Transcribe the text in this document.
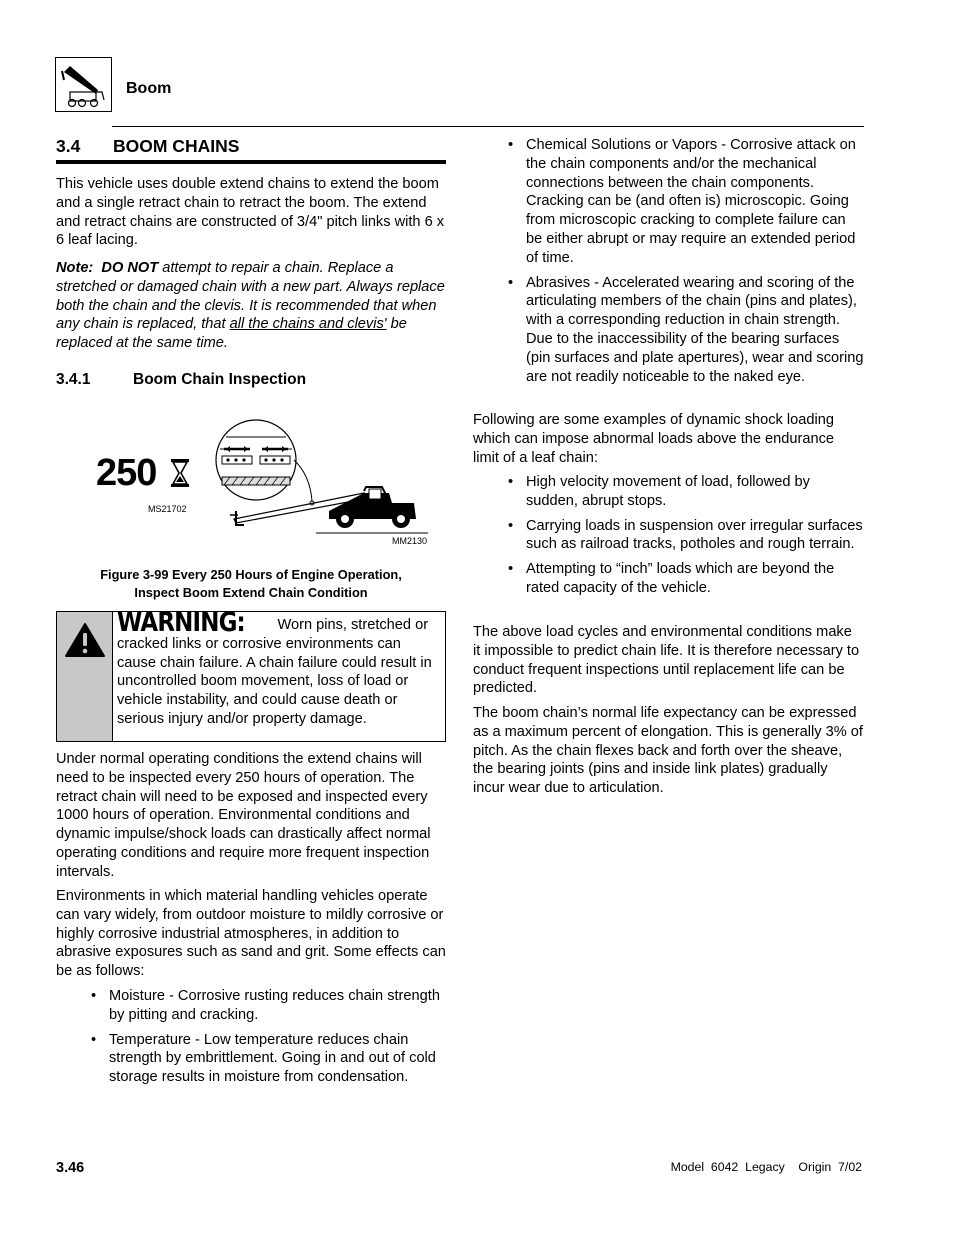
Boom
3.4 BOOM CHAINS

This vehicle uses double extend chains to extend the boom and a single retract chain to retract the boom. The extend and retract chains are constructed of 3/4" pitch links with 6 x 6 leaf lacing.

Note: DO NOT attempt to repair a chain. Replace a stretched or damaged chain with a new part. Always replace both the chain and the clevis. It is recommended that when any chain is replaced, that all the chains and clevis' be replaced at the same time.

3.4.1	Boom Chain Inspection
250
MS21702
MM2130
Figure 3-99 Every 250 Hours of Engine Operation,
Inspect Boom Extend Chain Condition
WARNING: Worn pins, stretched or cracked links or corrosive environments can cause chain failure. A chain failure could result in uncontrolled boom movement, loss of load or vehicle instability, and could cause death or serious injury and/or property damage.

Under normal operating conditions the extend chains will need to be inspected every 250 hours of operation. The retract chain will need to be exposed and inspected every 1000 hours of operation. Environmental conditions and dynamic impulse/shock loads can drastically affect normal operating conditions and require more frequent inspection intervals.

Environments in which material handling vehicles operate can vary widely, from outdoor moisture to mildly corrosive or highly corrosive industrial atmospheres, in addition to abrasive exposures such as sand and grit. Some effects can be as follows:

• Moisture - Corrosive rusting reduces chain strength by pitting and cracking.
• Temperature - Low temperature reduces chain strength by embrittlement. Going in and out of cold storage results in moisture from condensation.
• Chemical Solutions or Vapors - Corrosive attack on the chain components and/or the mechanical connections between the chain components. Cracking can be (and often is) microscopic. Going from microscopic cracking to complete failure can be either abrupt or may require an extended period of time.
• Abrasives - Accelerated wearing and scoring of the articulating members of the chain (pins and plates), with a corresponding reduction in chain strength. Due to the inaccessibility of the bearing surfaces (pin surfaces and plate apertures), wear and scoring are not readily noticeable to the naked eye.

Following are some examples of dynamic shock loading which can impose abnormal loads above the endurance limit of a leaf chain:

• High velocity movement of load, followed by sudden, abrupt stops.
• Carrying loads in suspension over irregular surfaces such as railroad tracks, potholes and rough terrain.
• Attempting to “inch” loads which are beyond the rated capacity of the vehicle.

The above load cycles and environmental conditions make it impossible to predict chain life. It is therefore necessary to conduct frequent inspections until replacement life can be predicted.

The boom chain’s normal life expectancy can be expressed as a maximum percent of elongation. This is generally 3% of pitch. As the chain flexes back and forth over the sheave, the bearing joints (pins and inside link plates) gradually incur wear due to articulation.

3.46	Model  6042  Legacy    Origin  7/02
